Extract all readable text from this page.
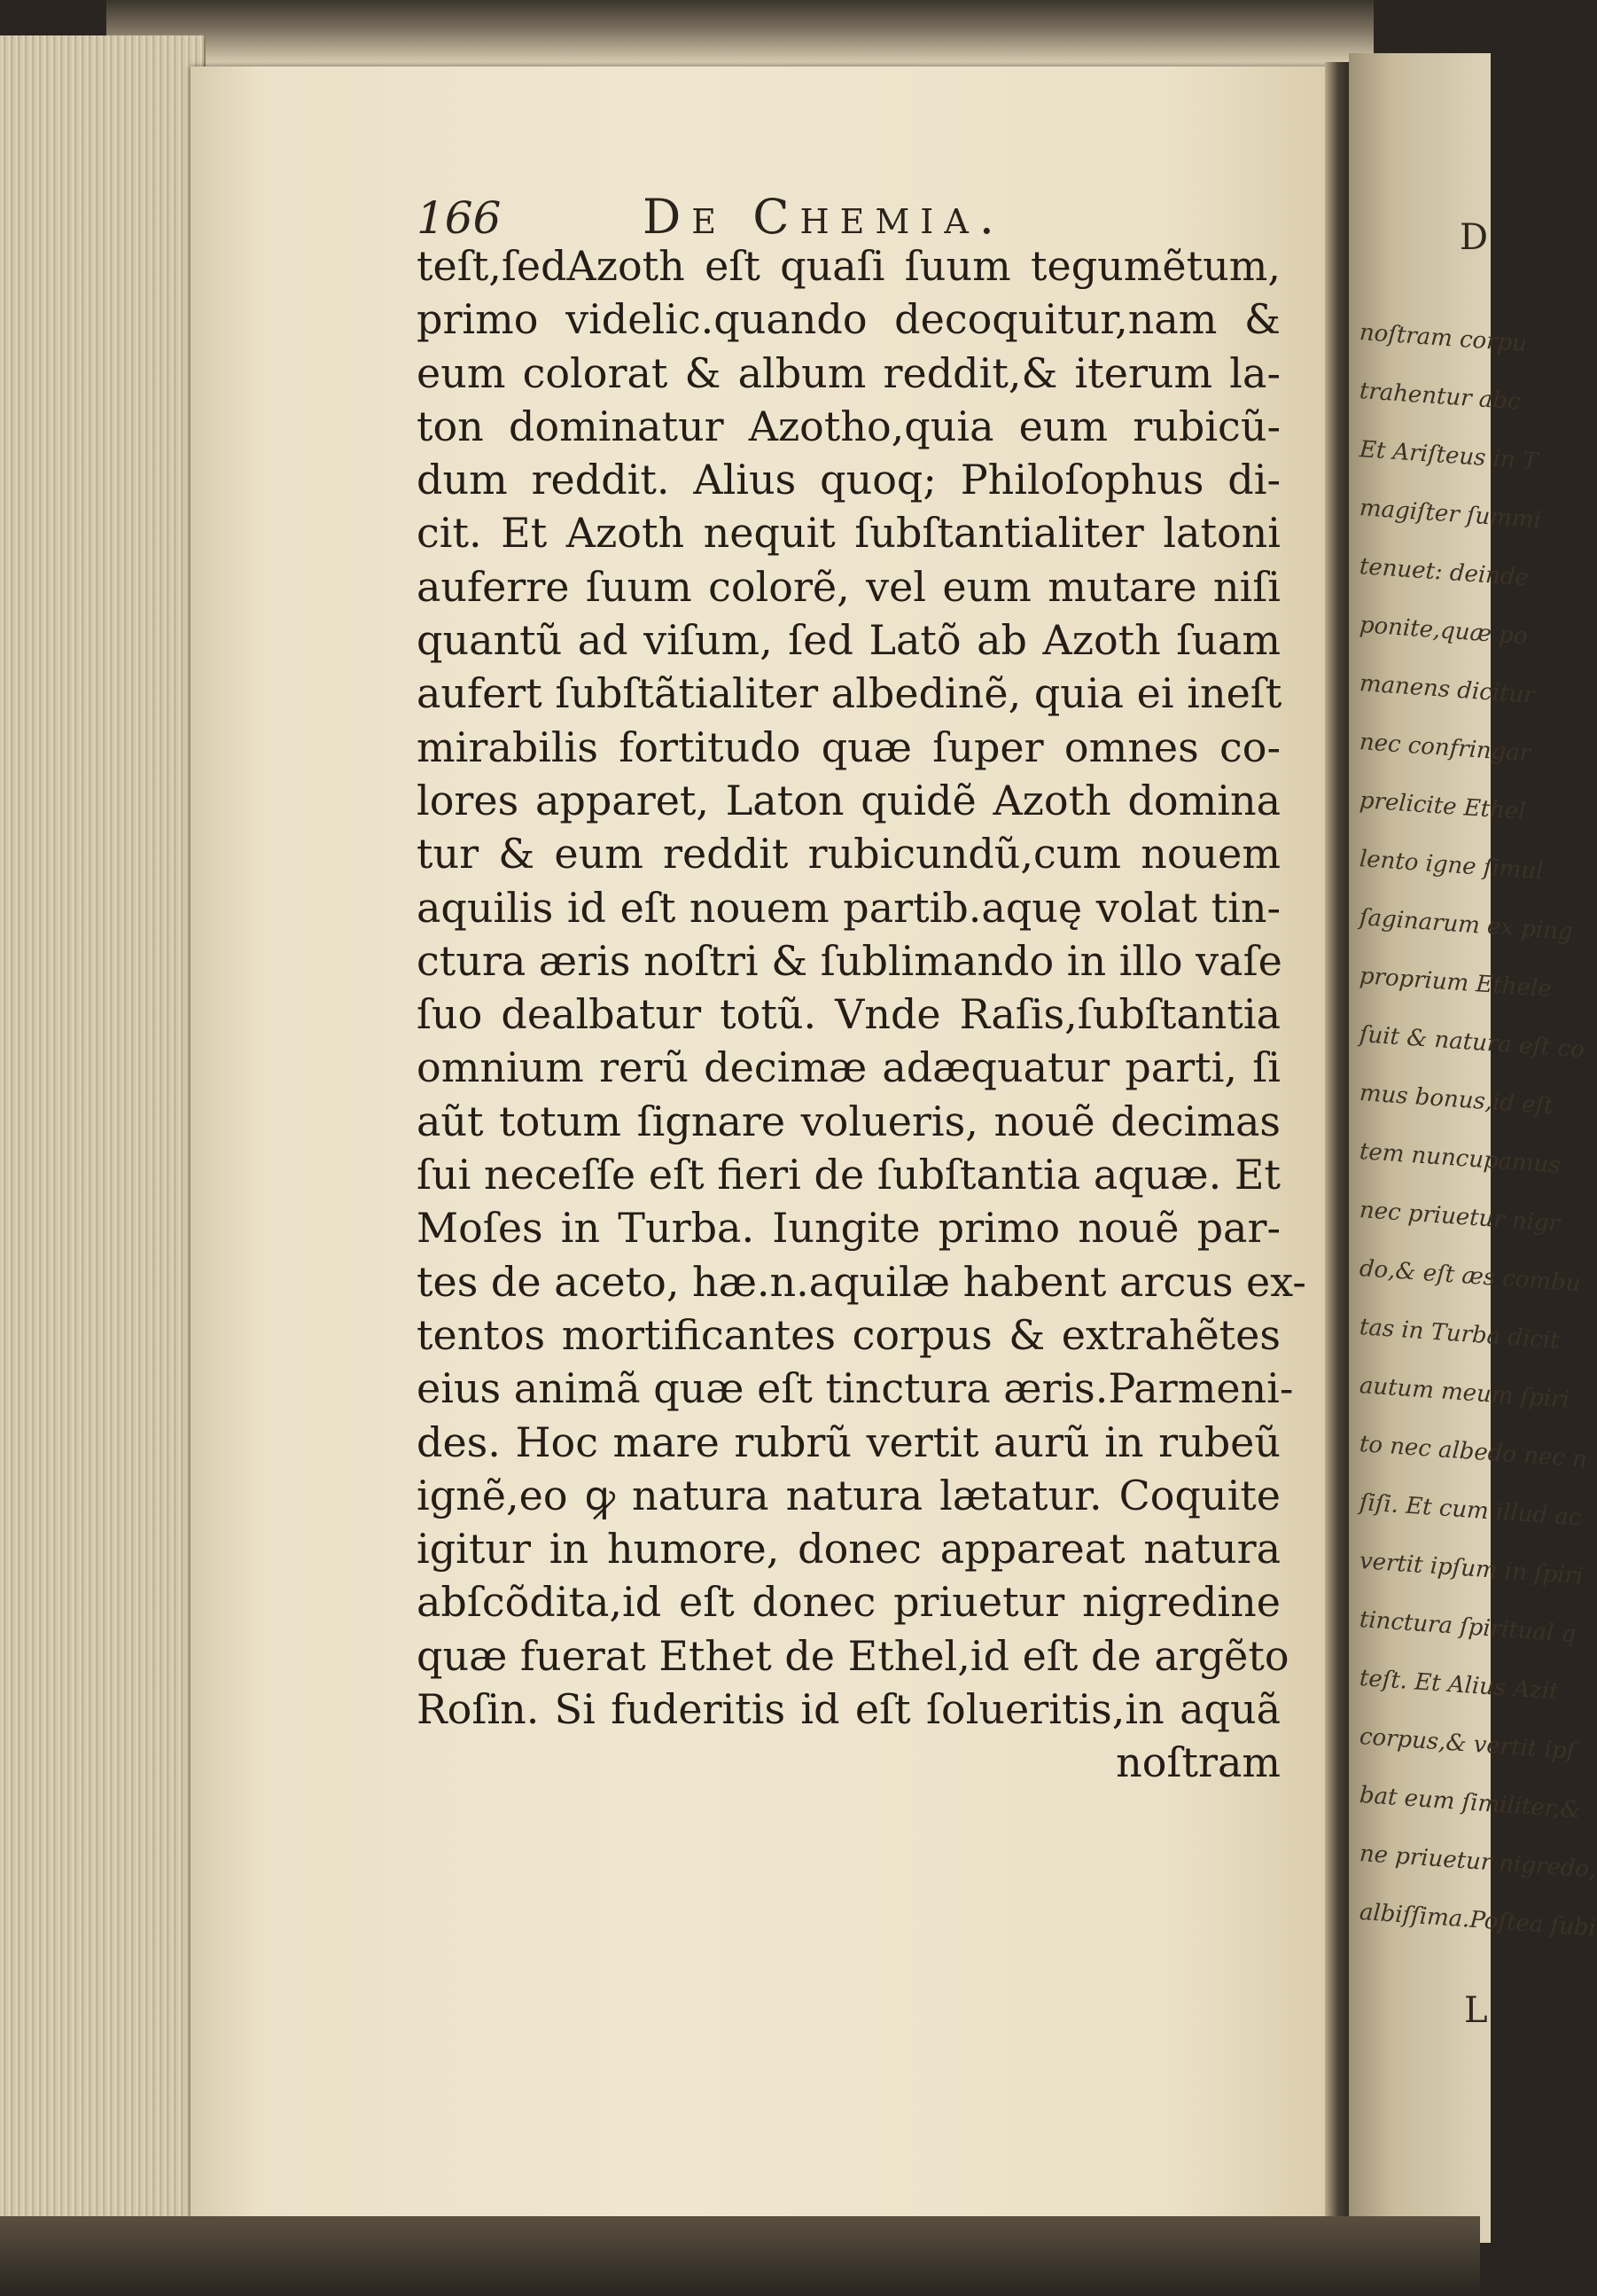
D
noſtram corpu
trahentur abc
Et Ariſteus in T
magiſter ſummi
tenuet: deinde
ponite,quæ po
manens dicitur
nec confringar
prelicite Ethel
lento igne ſimul
ſaginarum ex ping
proprium Ethele
ſuit & natura eſt co
mus bonus,id eſt
tem nuncupamus
nec priuetur nigr
do,& eſt æs combu
tas in Turba dicit
autum meum ſpiri
to nec albedo nec n
ſiſi. Et cum illud ac
vertit ipſum in ſpiri
tinctura ſpiritual q
teſt. Et Alius Azit
corpus,& vertit ipſ
bat eum ſimiliter,&
ne priuetur nigredo,
albiſſima.Poſtea ſubi
L
166	De Chemia.
teſt,ſedAzoth eſt quaſi ſuum tegumẽtum,
primo videlic.quando decoquitur,nam &
eum colorat & album reddit,& iterum la-
ton dominatur Azotho,quia eum rubicũ-
dum reddit. Alius quoq; Philoſophus di-
cit. Et Azoth nequit ſubſtantialiter latoni
auferre ſuum colorẽ, vel eum mutare niſi
quantũ ad viſum, ſed Latõ ab Azoth ſuam
aufert ſubſtãtialiter albedinẽ, quia ei ineſt
mirabilis fortitudo quæ ſuper omnes co-
lores apparet, Laton quidẽ Azoth domina
tur & eum reddit rubicundũ,cum nouem
aquilis id eſt nouem partib.aquę volat tin-
ctura æris noſtri & ſublimando in illo vaſe
ſuo dealbatur totũ. Vnde Raſis,ſubſtantia
omnium rerũ decimæ adæquatur parti, ſi
aũt totum ſignare volueris, nouẽ decimas
ſui neceſſe eſt fieri de ſubſtantia aquæ. Et
Moſes in Turba. Iungite primo nouẽ par-
tes de aceto, hæ.n.aquilæ habent arcus ex-
tentos mortificantes corpus & extrahẽtes
eius animã quæ eſt tinctura æris.Parmeni-
des. Hoc mare rubrũ vertit aurũ in rubeũ
ignẽ,eo ꝙ natura natura lætatur. Coquite
igitur in humore, donec appareat natura
abſcõdita,id eſt donec priuetur nigredine
quæ fuerat Ethet de Ethel,id eſt de argẽto
Roſin. Si fuderitis id eſt ſolueritis,in aquã
noſtram
